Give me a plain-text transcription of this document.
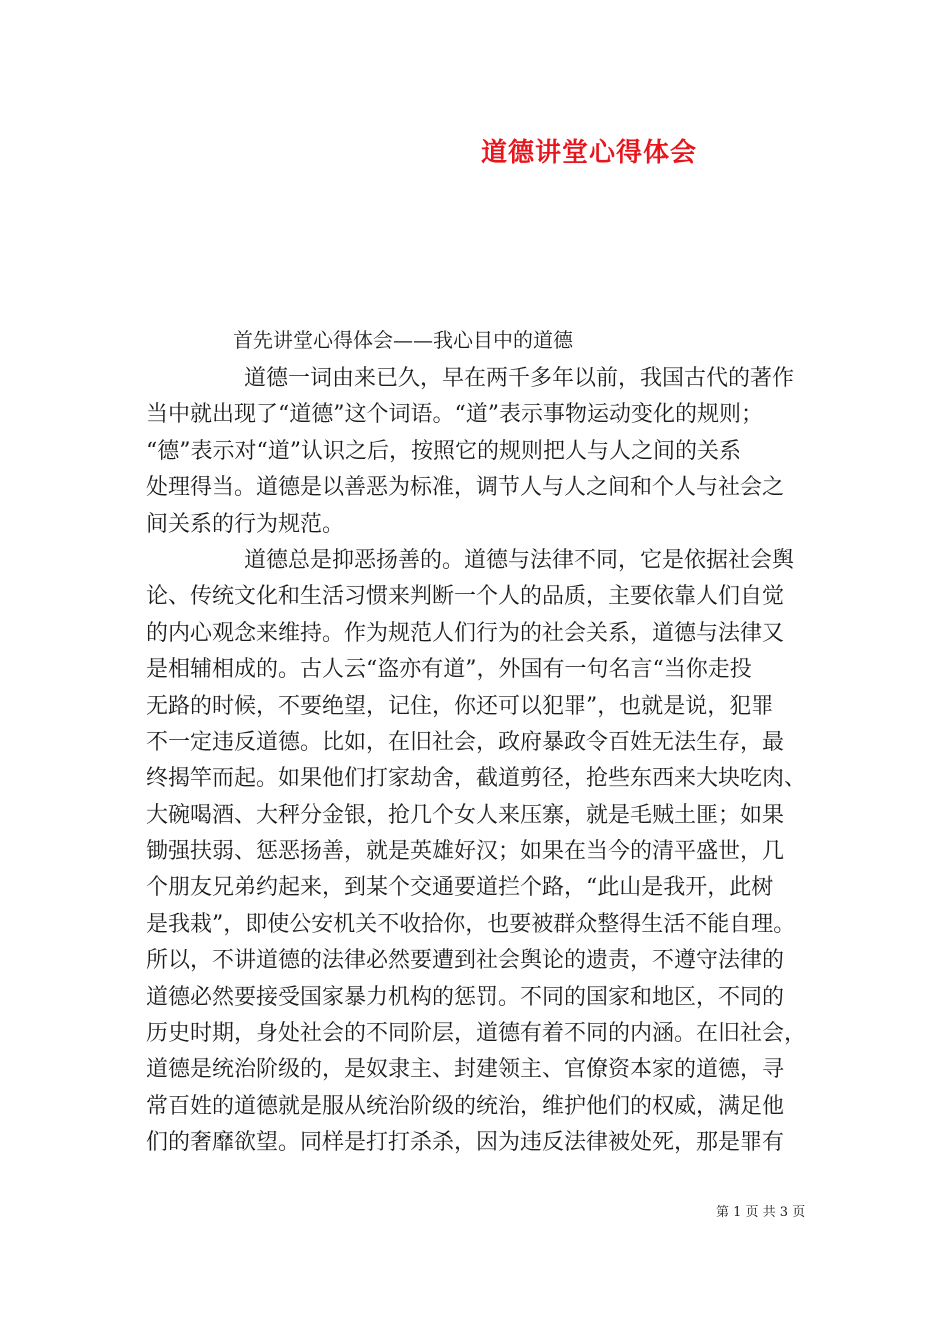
道德讲堂心得体会
首先讲堂心得体会——我心目中的道德
道德一词由来已久，早在两千多年以前，我国古代的著作
当中就出现了“道德”这个词语。“道”表示事物运动变化的规则；
“德”表示对“道”认识之后，按照它的规则把人与人之间的关系
处理得当。道德是以善恶为标准，调节人与人之间和个人与社会之
间关系的行为规范。
道德总是抑恶扬善的。道德与法律不同，它是依据社会舆
论、传统文化和生活习惯来判断一个人的品质，主要依靠人们自觉
的内心观念来维持。作为规范人们行为的社会关系，道德与法律又
是相辅相成的。古人云“盗亦有道”，外国有一句名言“当你走投
无路的时候，不要绝望，记住，你还可以犯罪”，也就是说，犯罪
不一定违反道德。比如，在旧社会，政府暴政令百姓无法生存，最
终揭竿而起。如果他们打家劫舍，截道剪径，抢些东西来大块吃肉、
大碗喝酒、大秤分金银，抢几个女人来压寨，就是毛贼土匪；如果
锄强扶弱、惩恶扬善，就是英雄好汉；如果在当今的清平盛世，几
个朋友兄弟约起来，到某个交通要道拦个路，“此山是我开，此树
是我栽”，即使公安机关不收拾你，也要被群众整得生活不能自理。
所以，不讲道德的法律必然要遭到社会舆论的遗责，不遵守法律的
道德必然要接受国家暴力机构的惩罚。不同的国家和地区，不同的
历史时期，身处社会的不同阶层，道德有着不同的内涵。在旧社会，
道德是统治阶级的，是奴隶主、封建领主、官僚资本家的道德，寻
常百姓的道德就是服从统治阶级的统治，维护他们的权威，满足他
们的奢靡欲望。同样是打打杀杀，因为违反法律被处死，那是罪有
第 1 页 共 3 页
